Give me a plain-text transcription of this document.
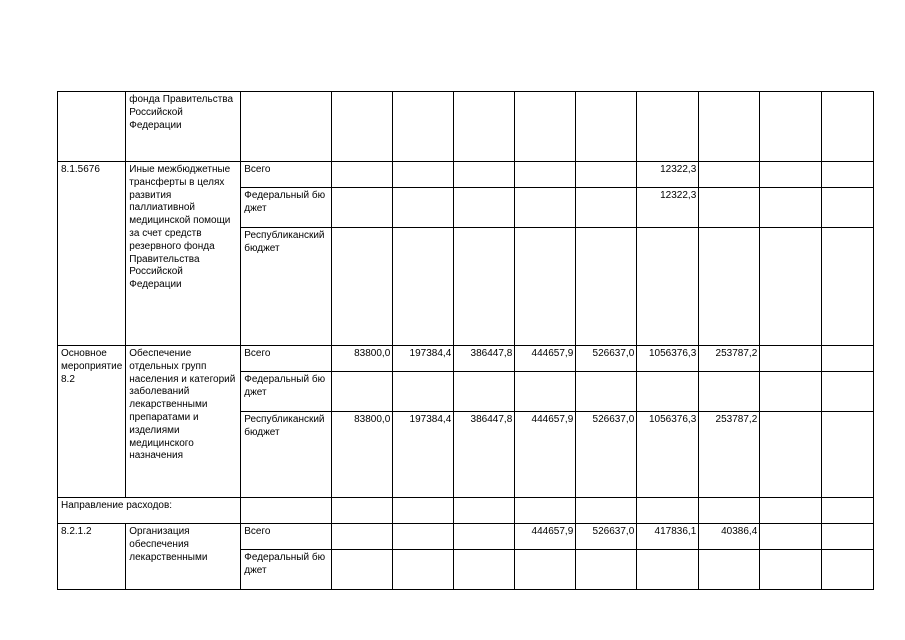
	фонда Правительства Российской Федерации										
8.1.5676	Иные межбюджетные трансферты в целях развития паллиативной медицинской помощи за счет средств резервного фонда Правительства Российской Федерации	Всего						12322,3			
		Федеральный бюджет						12322,3			
		Республиканский бюджет									
Основное мероприятие 8.2	Обеспечение отдельных групп населения и категорий заболеваний лекарственными препаратами и изделиями медицинского назначения	Всего	83800,0	197384,4	386447,8	444657,9	526637,0	1056376,3	253787,2		
		Федеральный бюджет									
		Республиканский бюджет	83800,0	197384,4	386447,8	444657,9	526637,0	1056376,3	253787,2		
Направление расходов:											
8.2.1.2	Организация обеспечения лекарственными	Всего				444657,9	526637,0	417836,1	40386,4		
		Федеральный бюджет									
